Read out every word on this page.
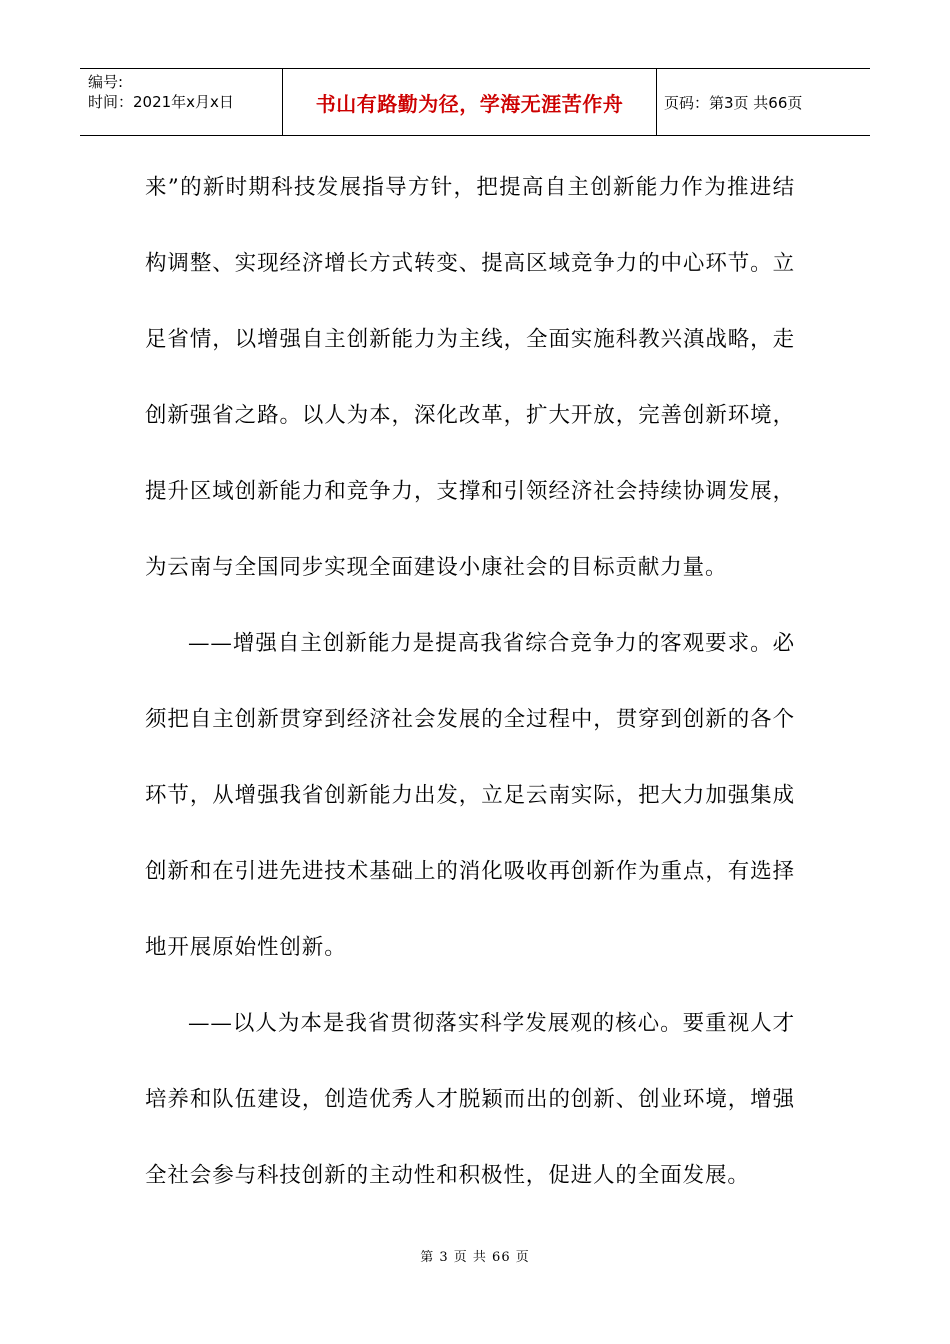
编号:
时间：2021年x月x日	书山有路勤为径，学海无涯苦作舟	页码：第3页 共66页

来”的新时期科技发展指导方针，把提高自主创新能力作为推进结构调整、实现经济增长方式转变、提高区域竞争力的中心环节。立足省情，以增强自主创新能力为主线，全面实施科教兴滇战略，走创新强省之路。以人为本，深化改革，扩大开放，完善创新环境，提升区域创新能力和竞争力，支撑和引领经济社会持续协调发展，为云南与全国同步实现全面建设小康社会的目标贡献力量。

——增强自主创新能力是提高我省综合竞争力的客观要求。必须把自主创新贯穿到经济社会发展的全过程中，贯穿到创新的各个环节，从增强我省创新能力出发，立足云南实际，把大力加强集成创新和在引进先进技术基础上的消化吸收再创新作为重点，有选择地开展原始性创新。

——以人为本是我省贯彻落实科学发展观的核心。要重视人才培养和队伍建设，创造优秀人才脱颖而出的创新、创业环境，增强全社会参与科技创新的主动性和积极性，促进人的全面发展。

第 3 页 共 66 页
